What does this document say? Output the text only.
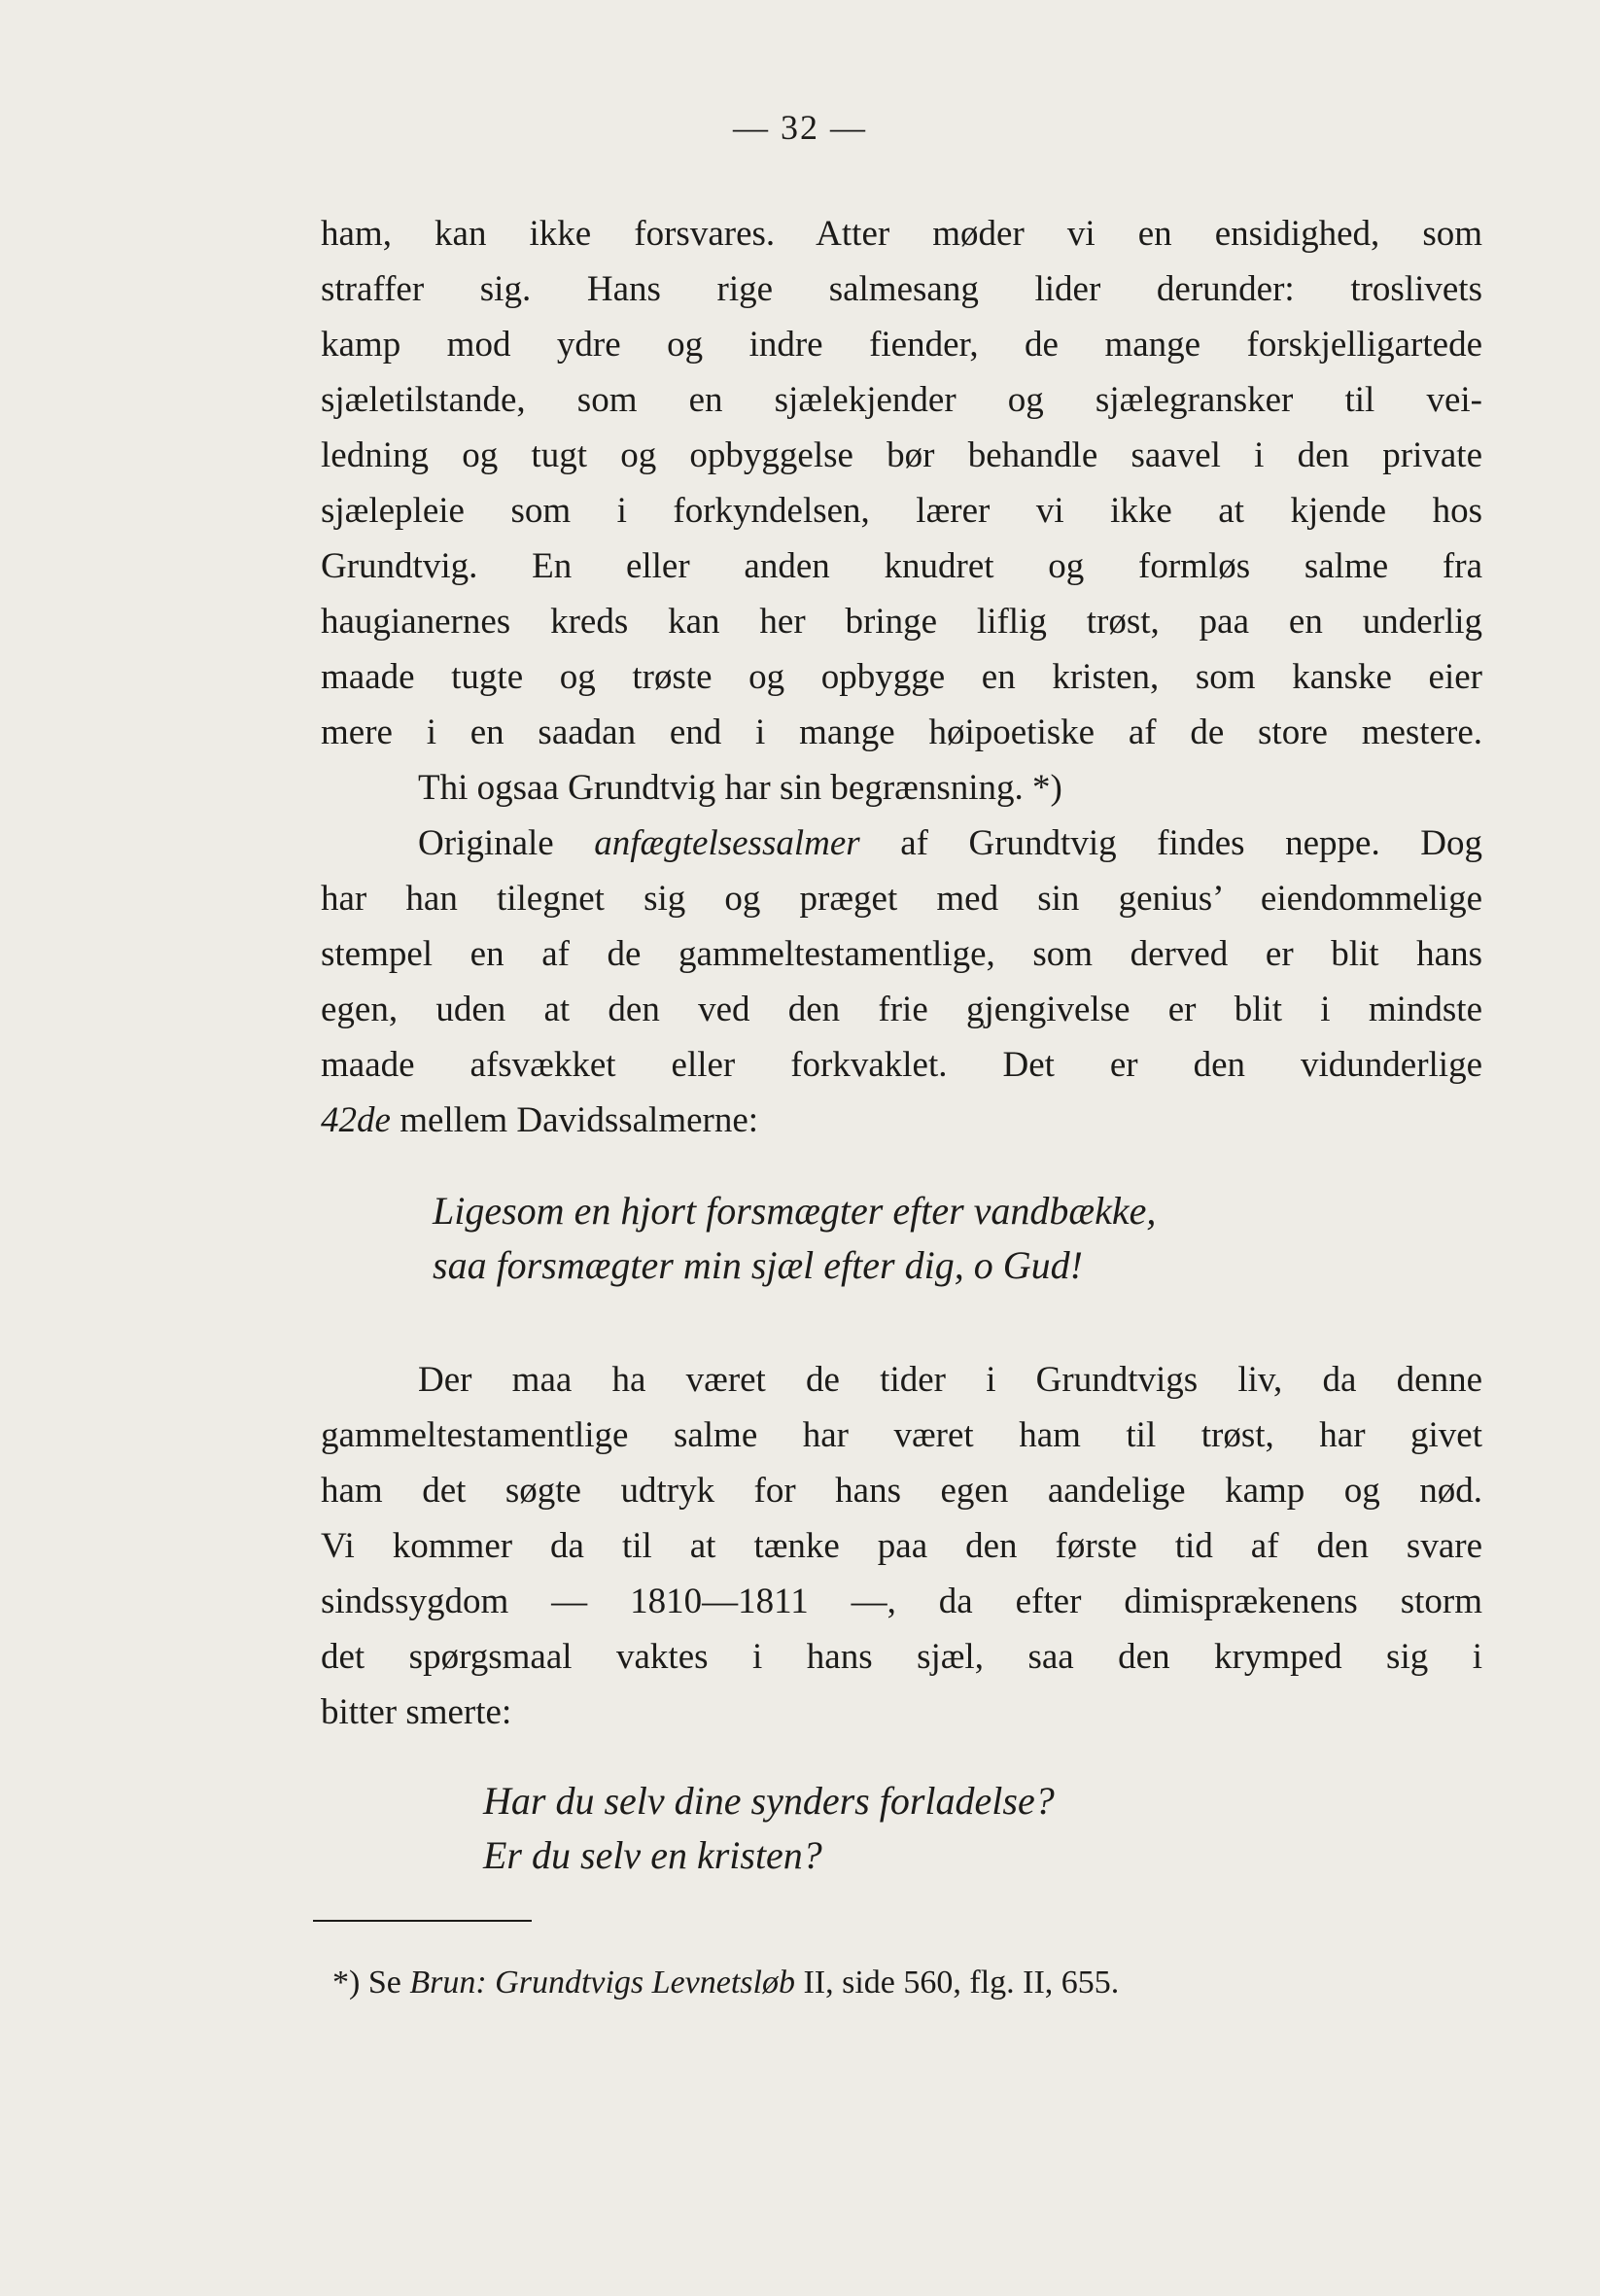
— 32 —
ham, kan ikke forsvares. Atter møder vi en ensidighed, som
straffer sig. Hans rige salmesang lider derunder: troslivets
kamp mod ydre og indre fiender, de mange forskjelligartede
sjæletilstande, som en sjælekjender og sjælegransker til vei-
ledning og tugt og opbyggelse bør behandle saavel i den private
sjælepleie som i forkyndelsen, lærer vi ikke at kjende hos
Grundtvig. En eller anden knudret og formløs salme fra
haugianernes kreds kan her bringe liflig trøst, paa en underlig
maade tugte og trøste og opbygge en kristen, som kanske eier
mere i en saadan end i mange høipoetiske af de store mestere.
Thi ogsaa Grundtvig har sin begrænsning. *)
Originale anfægtelsessalmer af Grundtvig findes neppe. Dog
har han tilegnet sig og præget med sin genius’ eiendommelige
stempel en af de gammeltestamentlige, som derved er blit hans
egen, uden at den ved den frie gjengivelse er blit i mindste
maade afsvækket eller forkvaklet. Det er den vidunderlige
42de mellem Davidssalmerne:
Ligesom en hjort forsmægter efter vandbække,
saa forsmægter min sjæl efter dig, o Gud!
Der maa ha været de tider i Grundtvigs liv, da denne
gammeltestamentlige salme har været ham til trøst, har givet
ham det søgte udtryk for hans egen aandelige kamp og nød.
Vi kommer da til at tænke paa den første tid af den svare
sindssygdom — 1810—1811 —, da efter dimisprækenens storm
det spørgsmaal vaktes i hans sjæl, saa den krymped sig i
bitter smerte:
Har du selv dine synders forladelse?
Er du selv en kristen?
*) Se Brun: Grundtvigs Levnetsløb II, side 560, flg. II, 655.
